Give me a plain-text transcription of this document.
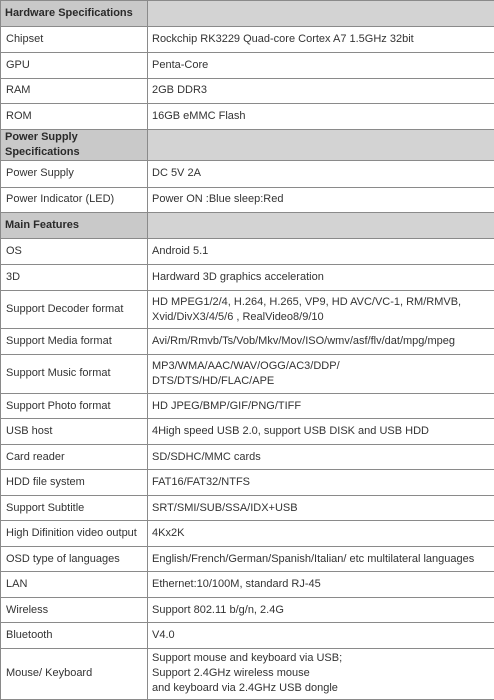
Hardware Specifications	
Chipset	Rockchip RK3229 Quad-core Cortex A7 1.5GHz 32bit

GPU	Penta-Core

RAM	2GB DDR3

ROM	16GB eMMC Flash

Power Supply Specifications	
Power Supply	DC 5V 2A

Power Indicator (LED)	Power ON :Blue sleep:Red

Main Features	
OS	Android 5.1

3D	Hardward 3D graphics acceleration

Support Decoder format	HD MPEG1/2/4, H.264, H.265, VP9, HD AVC/VC-1, RM/RMVB,
Xvid/DivX3/4/5/6 , RealVideo8/9/10

Support Media format	Avi/Rm/Rmvb/Ts/Vob/Mkv/Mov/ISO/wmv/asf/flv/dat/mpg/mpeg

Support Music format	MP3/WMA/AAC/WAV/OGG/AC3/DDP/
DTS/DTS/HD/FLAC/APE

Support Photo format	HD JPEG/BMP/GIF/PNG/TIFF

USB host	4High speed USB 2.0, support USB DISK and USB HDD

Card reader	SD/SDHC/MMC cards

HDD file system	FAT16/FAT32/NTFS

Support Subtitle	SRT/SMI/SUB/SSA/IDX+USB

High Difinition video output	4Kx2K

OSD type of languages	English/French/German/Spanish/Italian/ etc multilateral languages

LAN	Ethernet:10/100M, standard RJ-45

Wireless	Support 802.11 b/g/n, 2.4G

Bluetooth	V4.0

Mouse/ Keyboard	Support mouse and keyboard via USB;
Support 2.4GHz wireless mouse
and keyboard via 2.4GHz USB dongle
